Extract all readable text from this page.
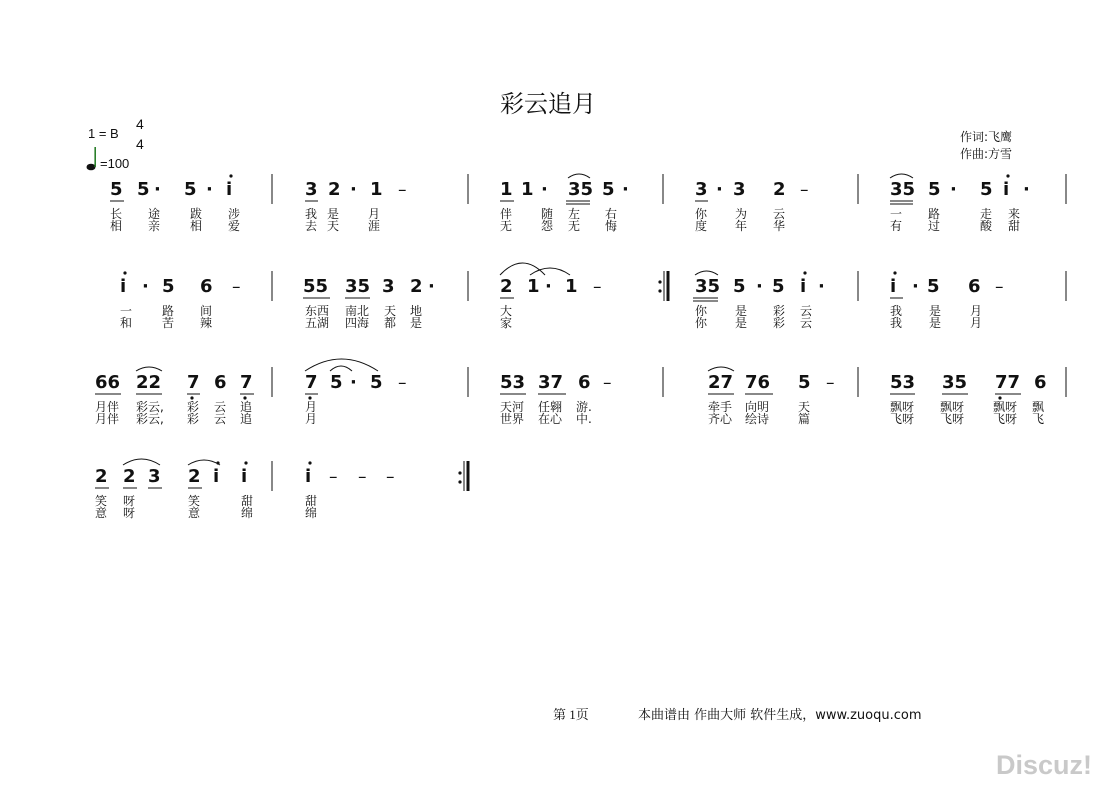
彩云追月
1 = B
4
4
=100
作词:飞鹰
作曲:方雪
5 5 · 5 · i	3 2 · 1 –	1 1 · 35 5 ·	3 · 3 2 –	35 5 · 5 i ·
长 途 跋 涉	我 是 月	伴 随 左 右	你 为 云	一 路	走 来
相 亲 相 爱	去 天 涯	无 怨 无 悔	度 年 华	有 过	酸 甜
i · 5 6 –	55 35 3 2 ·	2 1 · 1 –	35 5 · 5 i ·	i · 5 6 –
一 路 间	东西 南北 天 地	大	你 是 彩 云	我 是 月
和 苦 辣	五湖 四海 都 是	家	你 是 彩 云	我 是 月
66 22 7 6 7	7 5 · 5 –	53 37 6 –	27 76 5 –	53 35 77 6
月伴 彩云, 彩 云 追	月	天河 任翱 游.	牵手 向明 天	飘呀 飘呀 飘呀 飘
月伴 彩云, 彩 云 追	月	世界 在心 中.	齐心 绘诗 篇	飞呀 飞呀 飞呀 飞
2 2 3 2 i i	i – – –
笑 呀	笑	甜	甜
意 呀	意	绵	绵
第 1页	本曲谱由 作曲大师 软件生成，www.zuoqu.com
Discuz!
